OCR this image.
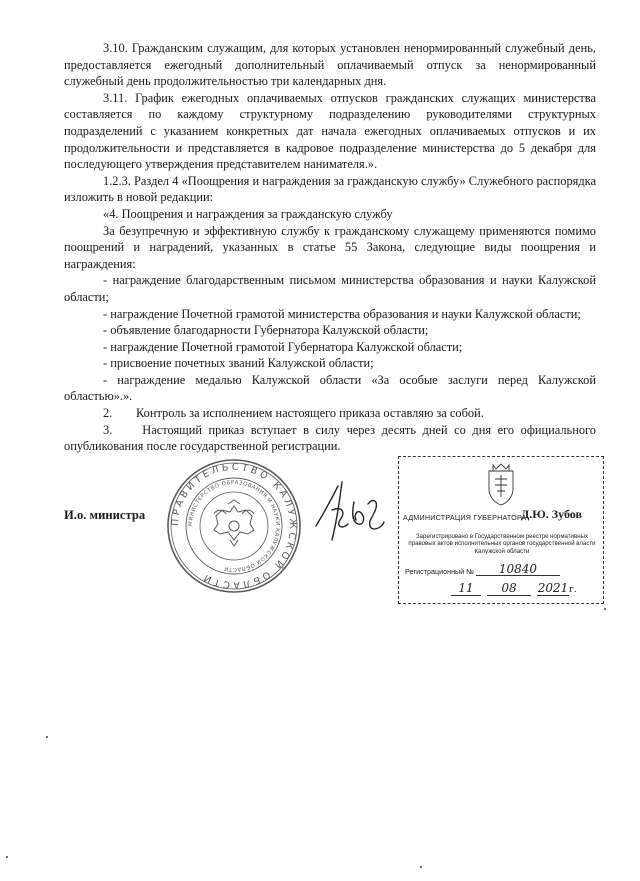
3.10. Гражданским служащим, для которых установлен ненормированный служебный день, предоставляется ежегодный дополнительный оплачиваемый отпуск за ненормированный служебный день продолжительностью три календарных дня.

3.11. График ежегодных оплачиваемых отпусков гражданских служащих министерства составляется по каждому структурному подразделению руководителями структурных подразделений с указанием конкретных дат начала ежегодных оплачиваемых отпусков и их продолжительности и представляется в кадровое подразделение министерства до 5 декабря для последующего утверждения представителем нанимателя.».

1.2.3. Раздел 4 «Поощрения и награждения за гражданскую службу» Служебного распорядка изложить в новой редакции:

«4. Поощрения и награждения за гражданскую службу

За безупречную и эффективную службу к гражданскому служащему применяются помимо поощрений и наградений, указанных в статье 55 Закона, следующие виды поощрения и награждения:

- награждение благодарственным письмом министерства образования и науки Калужской области;

- награждение Почетной грамотой министерства образования и науки Калужской области;

- объявление благодарности Губернатора Калужской области;

- награждение Почетной грамотой Губернатора Калужской области;

- присвоение почетных званий Калужской области;

- награждение медалью Калужской области «За особые заслуги перед Калужской областью».».

2.	Контроль за исполнением настоящего приказа оставляю за собой.

3. Настоящий приказ вступает в силу через десять дней со дня его официального опубликования после государственной регистрации.

И.о. министра	ПРАВИТЕЛЬСТВО КАЛУЖСКОЙ ОБЛАСТИ
МИНИСТЕРСТВО ОБРАЗОВАНИЯ И НАУКИ КАЛУЖСКОЙ ОБЛАСТИ
Ѧ56
АДМИНИСТРАЦИЯ ГУБЕРНАТОРА
Д.Ю. Зубов
Зарегистрировано в Государственном реестре нормативных правовых актов исполнительных органов государственной власти Калужской области
Регистрационный № 10840
11 08 2021г.
